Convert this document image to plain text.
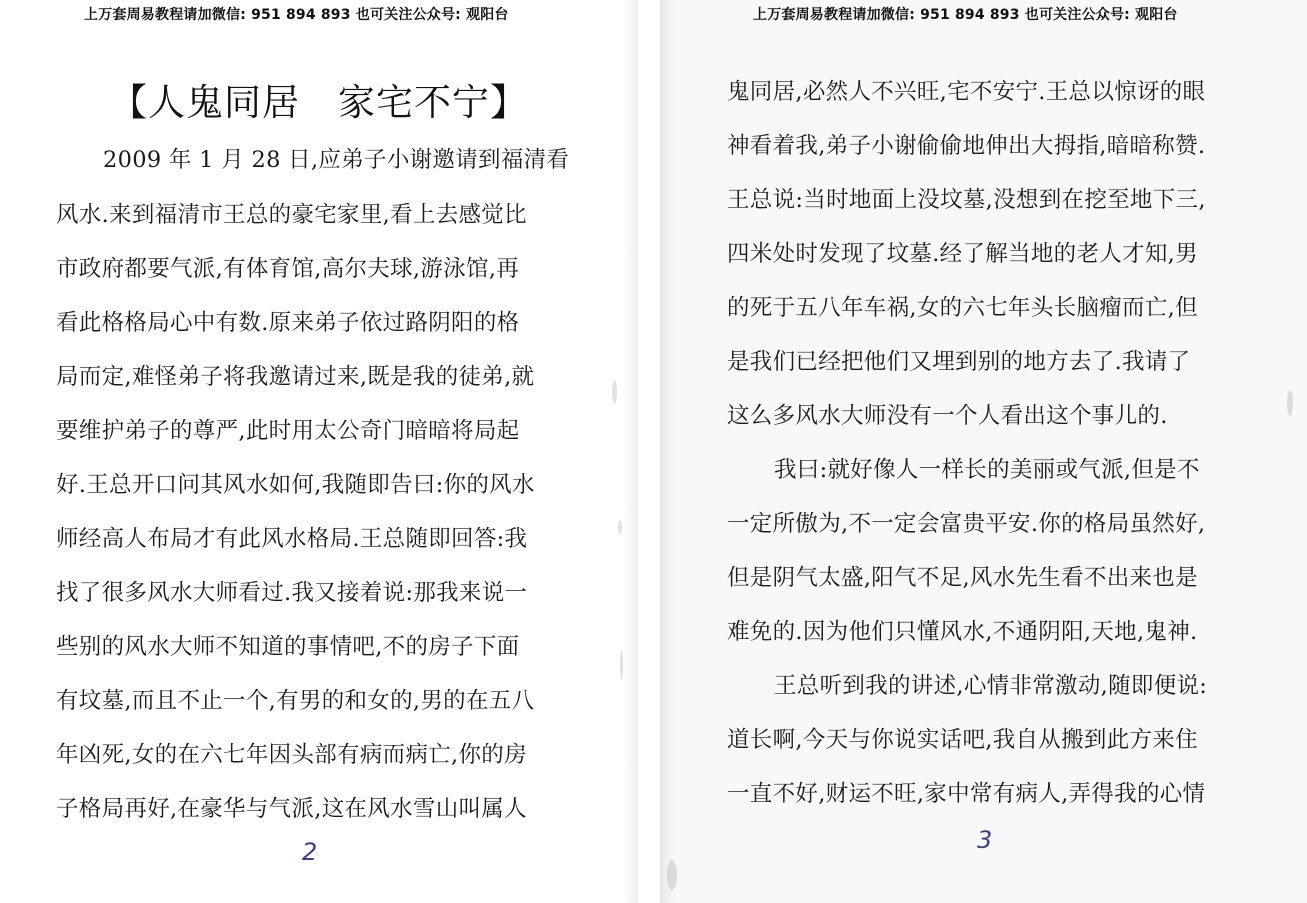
上万套周易教程请加微信: 951 894 893 也可关注公众号: 观阳台
【人鬼同居　家宅不宁】
2009 年 1 月 28 日,应弟子小谢邀请到福清看
风水.来到福清市王总的豪宅家里,看上去感觉比
市政府都要气派,有体育馆,高尔夫球,游泳馆,再
看此格格局心中有数.原来弟子依过路阴阳的格
局而定,难怪弟子将我邀请过来,既是我的徒弟,就
要维护弟子的尊严,此时用太公奇门暗暗将局起
好.王总开口问其风水如何,我随即告曰:你的风水
师经高人布局才有此风水格局.王总随即回答:我
找了很多风水大师看过.我又接着说:那我来说一
些别的风水大师不知道的事情吧,不的房子下面
有坟墓,而且不止一个,有男的和女的,男的在五八
年凶死,女的在六七年因头部有病而病亡,你的房
子格局再好,在豪华与气派,这在风水雪山叫属人
2
上万套周易教程请加微信: 951 894 893 也可关注公众号: 观阳台
鬼同居,必然人不兴旺,宅不安宁.王总以惊讶的眼
神看着我,弟子小谢偷偷地伸出大拇指,暗暗称赞.
王总说:当时地面上没坟墓,没想到在挖至地下三,
四米处时发现了坟墓.经了解当地的老人才知,男
的死于五八年车祸,女的六七年头长脑瘤而亡,但
是我们已经把他们又埋到别的地方去了.我请了
这么多风水大师没有一个人看出这个事儿的.
我曰:就好像人一样长的美丽或气派,但是不
一定所傲为,不一定会富贵平安.你的格局虽然好,
但是阴气太盛,阳气不足,风水先生看不出来也是
难免的.因为他们只懂风水,不通阴阳,天地,鬼神.
王总听到我的讲述,心情非常激动,随即便说:
道长啊,今天与你说实话吧,我自从搬到此方来住
一直不好,财运不旺,家中常有病人,弄得我的心情
3
